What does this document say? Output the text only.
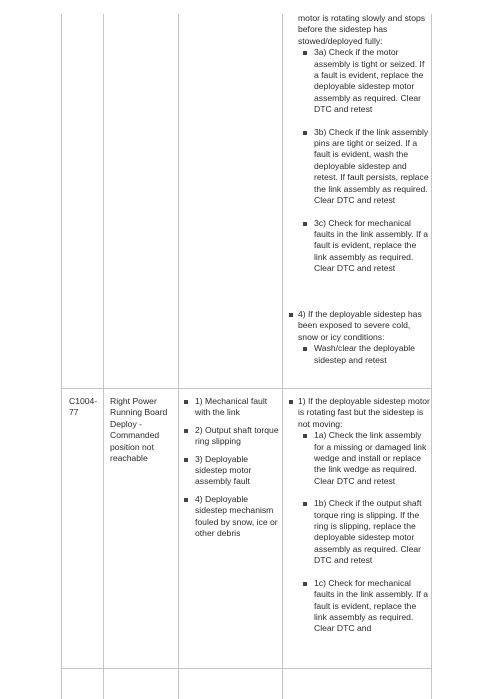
motor is rotating slowly and stops before the sidestep has stowed/deployed fully:
3a) Check if the motor assembly is tight or seized. If a fault is evident, replace the deployable sidestep motor assembly as required. Clear DTC and retest
3b) Check if the link assembly pins are tight or seized. If a fault is evident, wash the deployable sidestep and retest. If fault persists, replace the link assembly as required. Clear DTC and retest
3c) Check for mechanical faults in the link assembly. If a fault is evident, replace the link assembly as required. Clear DTC and retest
4) If the deployable sidestep has been exposed to severe cold, snow or icy conditions:
Wash/clear the deployable sidestep and retest
C1004-77
Right Power Running Board Deploy - Commanded position not reachable
1) Mechanical fault with the link
2) Output shaft torque ring slipping
3) Deployable sidestep motor assembly fault
4) Deployable sidestep mechanism fouled by snow, ice or other debris
1) If the deployable sidestep motor is rotating fast but the sidestep is not moving:
1a) Check the link assembly for a missing or damaged link wedge and install or replace the link wedge as required. Clear DTC and retest
1b) Check if the output shaft torque ring is slipping. If the ring is slipping, replace the deployable sidestep motor assembly as required. Clear DTC and retest
1c) Check for mechanical faults in the link assembly. If a fault is evident, replace the link assembly as required. Clear DTC and
